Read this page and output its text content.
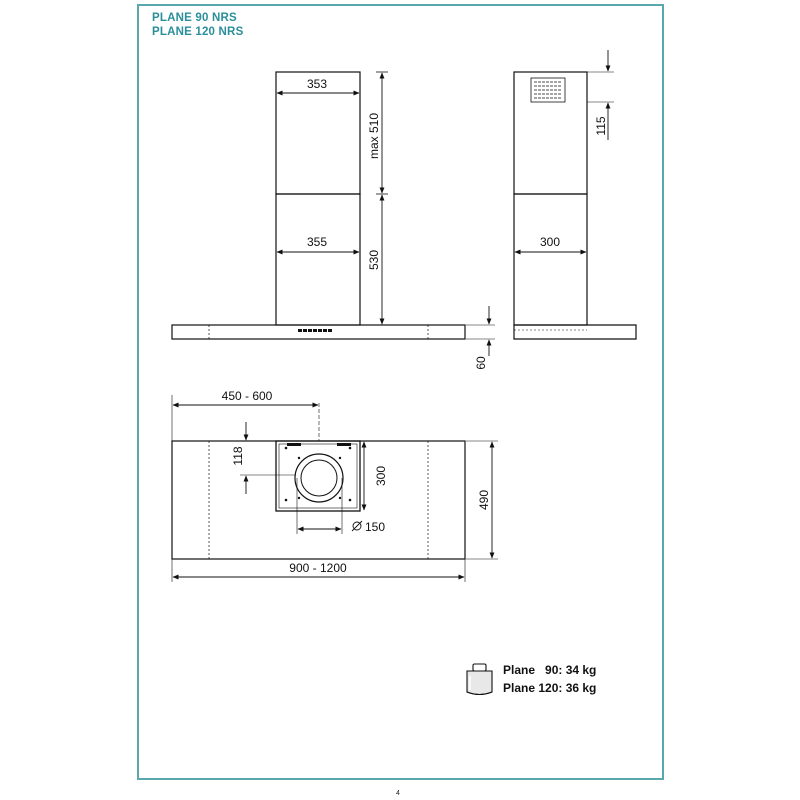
PLANE 90 NRS
PLANE 120 NRS
353
355
max 510
530
60
300
115
450 - 600
118
300
150
490
900 - 1200
Plane   90: 34 kg
Plane 120: 36 kg
4
